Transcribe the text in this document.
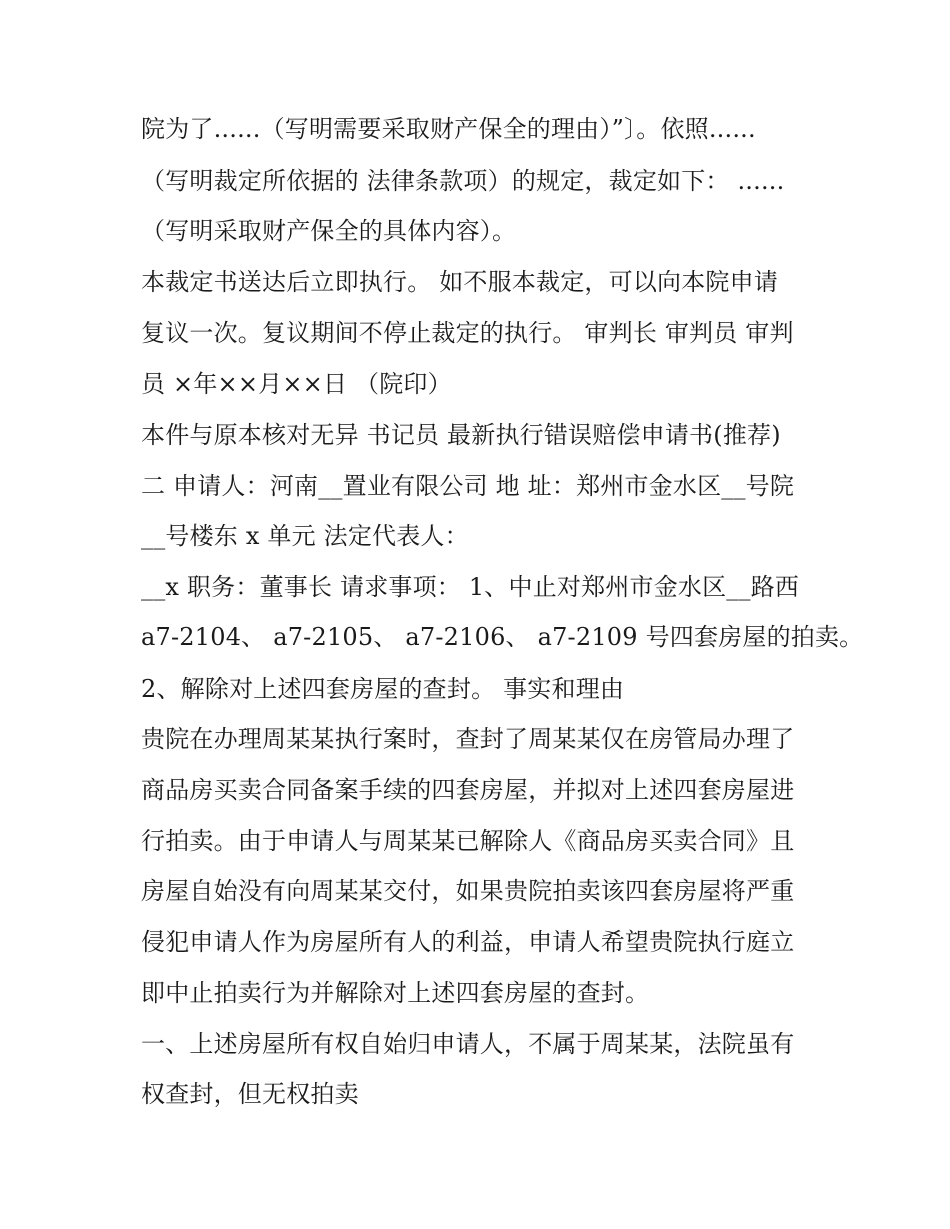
院为了......（写明需要采取财产保全的理由）”〕。依照......
（写明裁定所依据的 法律条款项）的规定，裁定如下： ......
（写明采取财产保全的具体内容）。
本裁定书送达后立即执行。 如不服本裁定，可以向本院申请
复议一次。复议期间不停止裁定的执行。 审判长 审判员 审判
员 ×年××月××日 （院印）
本件与原本核对无异 书记员 最新执行错误赔偿申请书(推荐)
二 申请人：河南__置业有限公司 地 址：郑州市金水区__号院
__号楼东 x 单元 法定代表人：
__x 职务：董事长 请求事项： 1、中止对郑州市金水区__路西
a7-2104、 a7-2105、 a7-2106、 a7-2109 号四套房屋的拍卖。
2、解除对上述四套房屋的查封。 事实和理由
贵院在办理周某某执行案时，查封了周某某仅在房管局办理了
商品房买卖合同备案手续的四套房屋，并拟对上述四套房屋进
行拍卖。由于申请人与周某某已解除人《商品房买卖合同》且
房屋自始没有向周某某交付，如果贵院拍卖该四套房屋将严重
侵犯申请人作为房屋所有人的利益，申请人希望贵院执行庭立
即中止拍卖行为并解除对上述四套房屋的查封。
一、上述房屋所有权自始归申请人，不属于周某某，法院虽有
权查封，但无权拍卖
